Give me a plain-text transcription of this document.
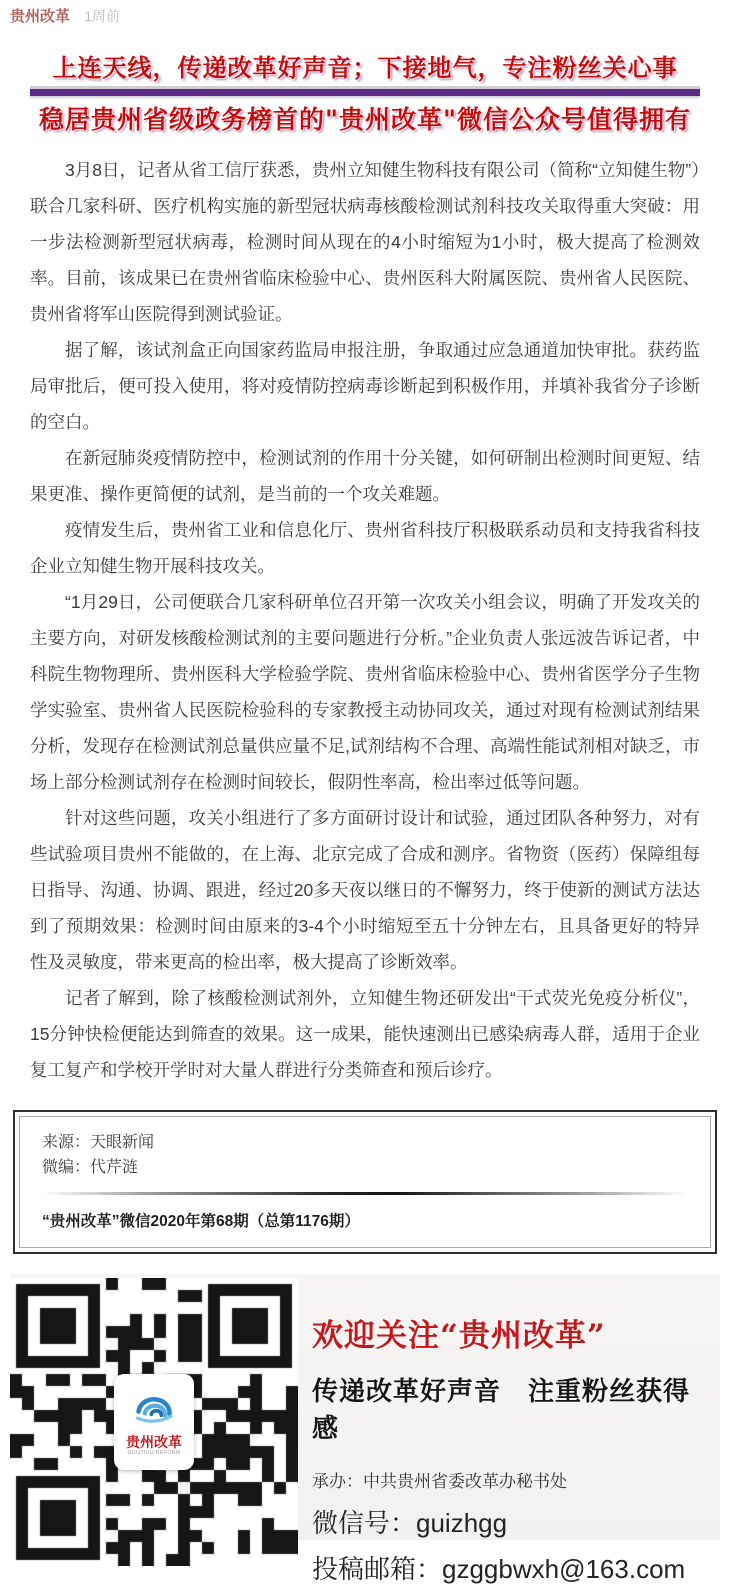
贵州改革 1周前
上连天线，传递改革好声音；下接地气，专注粉丝关心事
稳居贵州省级政务榜首的"贵州改革"微信公众号值得拥有

3月8日，记者从省工信厅获悉，贵州立知健生物科技有限公司（简称“立知健生物”）联合几家科研、医疗机构实施的新型冠状病毒核酸检测试剂科技攻关取得重大突破：用一步法检测新型冠状病毒，检测时间从现在的4小时缩短为1小时，极大提高了检测效率。目前，该成果已在贵州省临床检验中心、贵州医科大附属医院、贵州省人民医院、贵州省将军山医院得到测试验证。

据了解，该试剂盒正向国家药监局申报注册，争取通过应急通道加快审批。获药监局审批后，便可投入使用，将对疫情防控病毒诊断起到积极作用，并填补我省分子诊断的空白。

在新冠肺炎疫情防控中，检测试剂的作用十分关键，如何研制出检测时间更短、结果更准、操作更简便的试剂，是当前的一个攻关难题。

疫情发生后，贵州省工业和信息化厅、贵州省科技厅积极联系动员和支持我省科技企业立知健生物开展科技攻关。

“1月29日，公司便联合几家科研单位召开第一次攻关小组会议，明确了开发攻关的主要方向，对研发核酸检测试剂的主要问题进行分析。”企业负责人张远波告诉记者，中科院生物物理所、贵州医科大学检验学院、贵州省临床检验中心、贵州省医学分子生物学实验室、贵州省人民医院检验科的专家教授主动协同攻关，通过对现有检测试剂结果分析，发现存在检测试剂总量供应量不足,试剂结构不合理、高端性能试剂相对缺乏，市场上部分检测试剂存在检测时间较长，假阴性率高，检出率过低等问题。

针对这些问题，攻关小组进行了多方面研讨设计和试验，通过团队各种努力，对有些试验项目贵州不能做的，在上海、北京完成了合成和测序。省物资（医药）保障组每日指导、沟通、协调、跟进，经过20多天夜以继日的不懈努力，终于使新的测试方法达到了预期效果：检测时间由原来的3-4个小时缩短至五十分钟左右，且具备更好的特异性及灵敏度，带来更高的检出率，极大提高了诊断效率。

记者了解到，除了核酸检测试剂外，立知健生物还研发出“干式荧光免疫分析仪”，15分钟快检便能达到筛查的效果。这一成果，能快速测出已感染病毒人群，适用于企业复工复产和学校开学时对大量人群进行分类筛查和预后诊疗。

来源：天眼新闻
微编：代芹涟
“贵州改革”微信2020年第68期（总第1176期）
贵州改革
GUIZHOU REFORM
欢迎关注“贵州改革”
传递改革好声音　注重粉丝获得感
承办：中共贵州省委改革办秘书处
微信号：guizhgg
投稿邮箱：gzggbwxh@163.com
